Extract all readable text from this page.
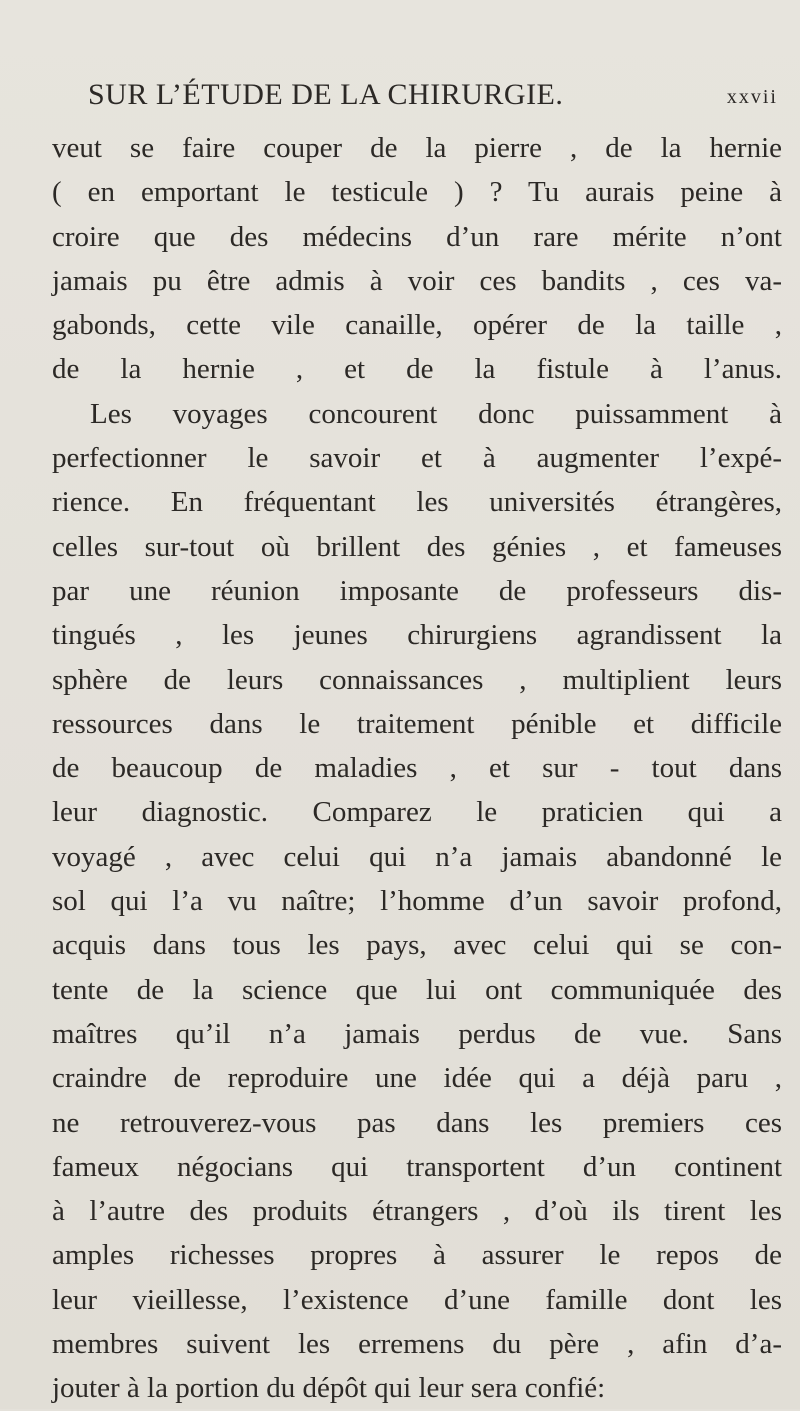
SUR L’ÉTUDE DE LA CHIRURGIE.	xxvii
veut se faire couper de la pierre , de la hernie
( en emportant le testicule ) ? Tu aurais peine à
croire que des médecins d’un rare mérite n’ont
jamais pu être admis à voir ces bandits , ces va-
gabonds, cette vile canaille, opérer de la taille ,
de la hernie , et de la fistule à l’anus.
Les voyages concourent donc puissamment à
perfectionner le savoir et à augmenter l’expé-
rience. En fréquentant les universités étrangères,
celles sur-tout où brillent des génies , et fameuses
par une réunion imposante de professeurs dis-
tingués , les jeunes chirurgiens agrandissent la
sphère de leurs connaissances , multiplient leurs
ressources dans le traitement pénible et difficile
de beaucoup de maladies , et sur - tout dans
leur diagnostic. Comparez le praticien qui a
voyagé , avec celui qui n’a jamais abandonné le
sol qui l’a vu naître; l’homme d’un savoir profond,
acquis dans tous les pays, avec celui qui se con-
tente de la science que lui ont communiquée des
maîtres qu’il n’a jamais perdus de vue. Sans
craindre de reproduire une idée qui a déjà paru ,
ne retrouverez-vous pas dans les premiers ces
fameux négocians qui transportent d’un continent
à l’autre des produits étrangers , d’où ils tirent les
amples richesses propres à assurer le repos de
leur vieillesse, l’existence d’une famille dont les
membres suivent les erremens du père , afin d’a-
jouter à la portion du dépôt qui leur sera confié:
